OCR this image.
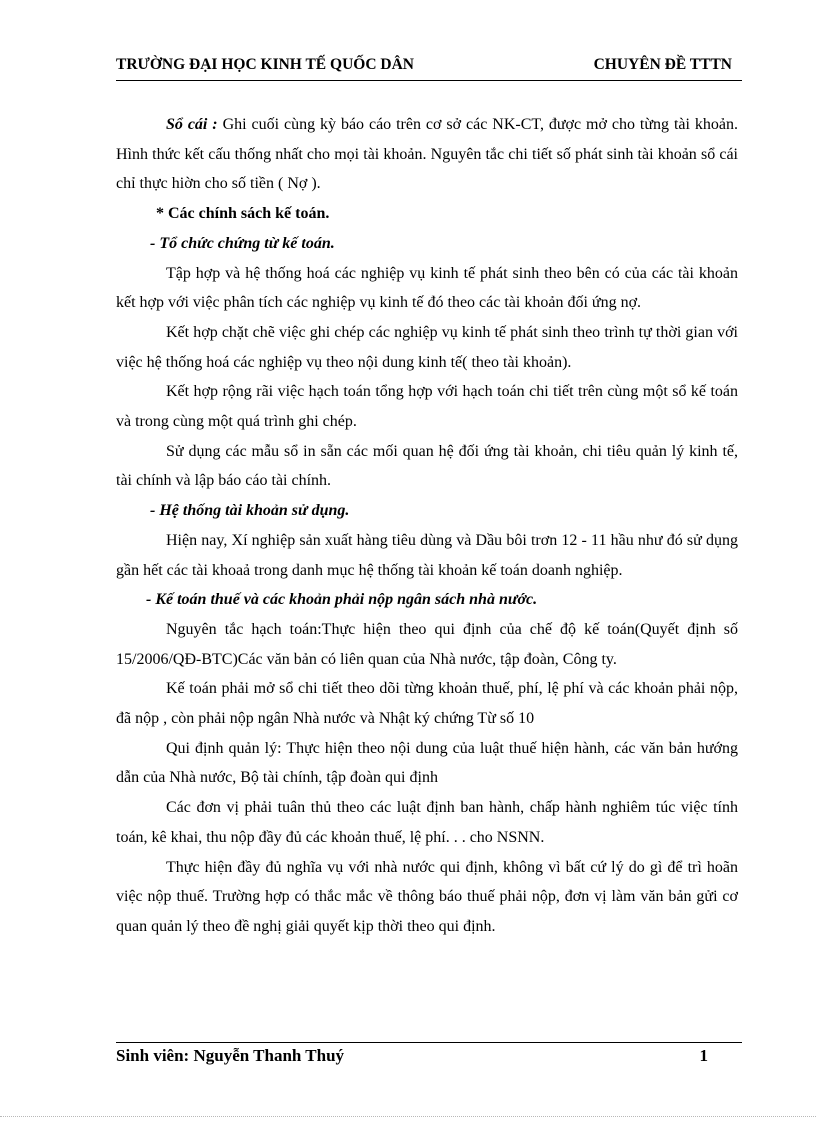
TRƯỜNG ĐẠI HỌC KINH TẾ QUỐC DÂN	CHUYÊN ĐỀ TTTN

Sổ cái : Ghi cuối cùng kỳ báo cáo trên cơ sở các NK-CT, được mở cho từng tài khoản. Hình thức kết cấu thống nhất cho mọi tài khoản. Nguyên tắc chi tiết số phát sinh tài khoản sổ cái chỉ thực hiờn cho số tiền ( Nợ ).

* Các chính sách kế toán.

- Tổ chức chứng từ kế toán.

Tập hợp và hệ thống hoá các nghiệp vụ kinh tế phát sinh theo bên có của các tài khoản kết hợp với việc phân tích các nghiệp vụ kinh tế đó theo các tài khoản đối ứng nợ.

Kết hợp chặt chẽ việc ghi chép các nghiệp vụ kinh tế phát sinh theo trình tự thời gian với việc hệ thống hoá các nghiệp vụ theo nội dung kinh tế( theo tài khoản).

Kết hợp rộng rãi việc hạch toán tổng hợp với hạch toán chi tiết trên cùng một sổ kế toán và trong cùng một quá trình ghi chép.

Sử dụng các mẫu sổ in sẵn các mối quan hệ đối ứng tài khoản, chi tiêu quản lý kinh tế, tài chính và lập báo cáo tài chính.

- Hệ thống tài khoản sử dụng.

Hiện nay, Xí nghiệp sản xuất hàng tiêu dùng và Dầu bôi trơn 12 - 11 hầu như đó sử dụng gần hết các tài khoaả trong danh mục hệ thống tài khoản kế toán doanh nghiệp.

- Kế toán thuế và các khoản phải nộp ngân sách nhà nước.

Nguyên tắc hạch toán:Thực hiện theo qui định của chế độ kế toán(Quyết định số 15/2006/QĐ-BTC)Các văn bản có liên quan của Nhà nước, tập đoàn, Công ty.

Kế toán phải mở sổ chi tiết theo dõi từng khoản thuế, phí, lệ phí và các khoản phải nộp, đã nộp , còn phải nộp ngân Nhà nước và Nhật ký chứng Từ số 10

Qui định quản lý: Thực hiện theo nội dung của luật thuế hiện hành, các văn bản hướng dẫn của Nhà nước, Bộ tài chính, tập đoàn qui định

Các đơn vị phải tuân thủ theo các luật định ban hành, chấp hành nghiêm túc việc tính toán, kê khai, thu nộp đầy đủ các khoản thuế, lệ phí. . . cho NSNN.

Thực hiện đầy đủ nghĩa vụ với nhà nước qui định, không vì bất cứ lý do gì để trì hoãn việc nộp thuế. Trường hợp có thắc mắc về thông báo thuế phải nộp, đơn vị làm văn bản gửi cơ quan quản lý theo đề nghị giải quyết kịp thời theo qui định.

Sinh viên: Nguyễn Thanh Thuý	1
